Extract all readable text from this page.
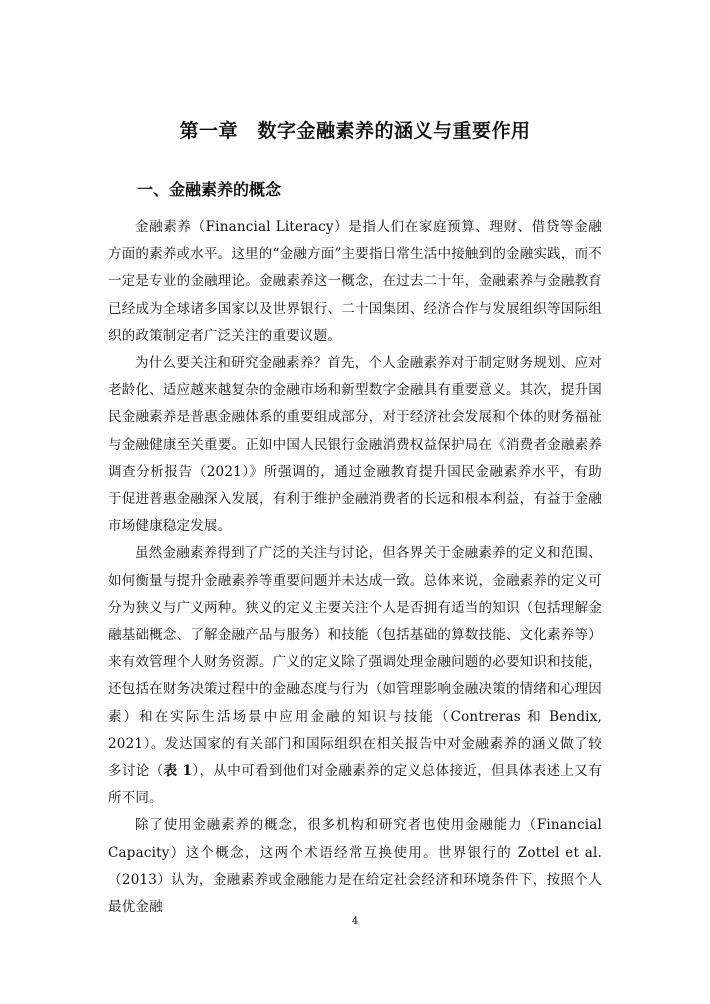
第一章　数字金融素养的涵义与重要作用
一、金融素养的概念

金融素养（Financial Literacy）是指人们在家庭预算、理财、借贷等金融方面的素养或水平。这里的“金融方面”主要指日常生活中接触到的金融实践，而不一定是专业的金融理论。金融素养这一概念，在过去二十年，金融素养与金融教育已经成为全球诸多国家以及世界银行、二十国集团、经济合作与发展组织等国际组织的政策制定者广泛关注的重要议题。

为什么要关注和研究金融素养？首先，个人金融素养对于制定财务规划、应对老龄化、适应越来越复杂的金融市场和新型数字金融具有重要意义。其次，提升国民金融素养是普惠金融体系的重要组成部分，对于经济社会发展和个体的财务福祉与金融健康至关重要。正如中国人民银行金融消费权益保护局在《消费者金融素养调查分析报告（2021）》所强调的，通过金融教育提升国民金融素养水平，有助于促进普惠金融深入发展，有利于维护金融消费者的长远和根本利益，有益于金融市场健康稳定发展。

虽然金融素养得到了广泛的关注与讨论，但各界关于金融素养的定义和范围、如何衡量与提升金融素养等重要问题并未达成一致。总体来说，金融素养的定义可分为狭义与广义两种。狭义的定义主要关注个人是否拥有适当的知识（包括理解金融基础概念、了解金融产品与服务）和技能（包括基础的算数技能、文化素养等）来有效管理个人财务资源。广义的定义除了强调处理金融问题的必要知识和技能，还包括在财务决策过程中的金融态度与行为（如管理影响金融决策的情绪和心理因素）和在实际生活场景中应用金融的知识与技能（Contreras 和 Bendix, 2021）。发达国家的有关部门和国际组织在相关报告中对金融素养的涵义做了较多讨论（表 1），从中可看到他们对金融素养的定义总体接近，但具体表述上又有所不同。

除了使用金融素养的概念，很多机构和研究者也使用金融能力（Financial Capacity）这个概念，这两个术语经常互换使用。世界银行的 Zottel et al.（2013）认为，金融素养或金融能力是在给定社会经济和环境条件下，按照个人最优金融

4
